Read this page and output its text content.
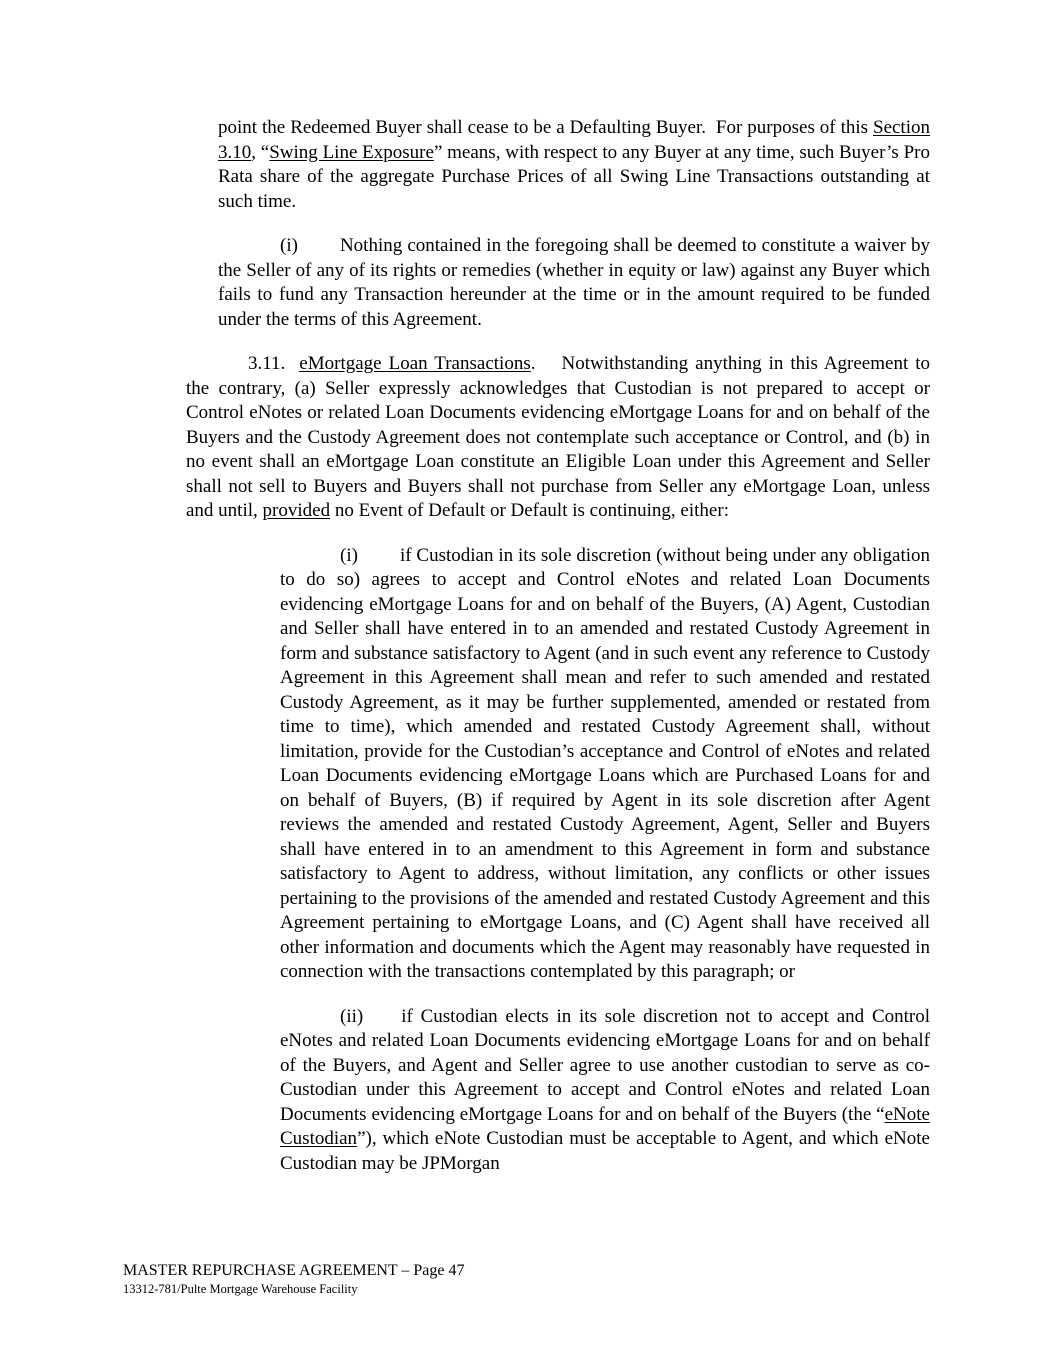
point the Redeemed Buyer shall cease to be a Defaulting Buyer.  For purposes of this Section 3.10, “Swing Line Exposure” means, with respect to any Buyer at any time, such Buyer’s Pro Rata share of the aggregate Purchase Prices of all Swing Line Transactions outstanding at such time.

(i) Nothing contained in the foregoing shall be deemed to constitute a waiver by the Seller of any of its rights or remedies (whether in equity or law) against any Buyer which fails to fund any Transaction hereunder at the time or in the amount required to be funded under the terms of this Agreement.

3.11. eMortgage Loan Transactions. Notwithstanding anything in this Agreement to the contrary, (a) Seller expressly acknowledges that Custodian is not prepared to accept or Control eNotes or related Loan Documents evidencing eMortgage Loans for and on behalf of the Buyers and the Custody Agreement does not contemplate such acceptance or Control, and (b) in no event shall an eMortgage Loan constitute an Eligible Loan under this Agreement and Seller shall not sell to Buyers and Buyers shall not purchase from Seller any eMortgage Loan, unless and until, provided no Event of Default or Default is continuing, either:

(i) if Custodian in its sole discretion (without being under any obligation to do so) agrees to accept and Control eNotes and related Loan Documents evidencing eMortgage Loans for and on behalf of the Buyers, (A) Agent, Custodian and Seller shall have entered in to an amended and restated Custody Agreement in form and substance satisfactory to Agent (and in such event any reference to Custody Agreement in this Agreement shall mean and refer to such amended and restated Custody Agreement, as it may be further supplemented, amended or restated from time to time), which amended and restated Custody Agreement shall, without limitation, provide for the Custodian’s acceptance and Control of eNotes and related Loan Documents evidencing eMortgage Loans which are Purchased Loans for and on behalf of Buyers, (B) if required by Agent in its sole discretion after Agent reviews the amended and restated Custody Agreement, Agent, Seller and Buyers shall have entered in to an amendment to this Agreement in form and substance satisfactory to Agent to address, without limitation, any conflicts or other issues pertaining to the provisions of the amended and restated Custody Agreement and this Agreement pertaining to eMortgage Loans, and (C) Agent shall have received all other information and documents which the Agent may reasonably have requested in connection with the transactions contemplated by this paragraph; or

(ii) if Custodian elects in its sole discretion not to accept and Control eNotes and related Loan Documents evidencing eMortgage Loans for and on behalf of the Buyers, and Agent and Seller agree to use another custodian to serve as co-Custodian under this Agreement to accept and Control eNotes and related Loan Documents evidencing eMortgage Loans for and on behalf of the Buyers (the “eNote Custodian”), which eNote Custodian must be acceptable to Agent, and which eNote Custodian may be JPMorgan

MASTER REPURCHASE AGREEMENT – Page 47
13312-781/Pulte Mortgage Warehouse Facility
